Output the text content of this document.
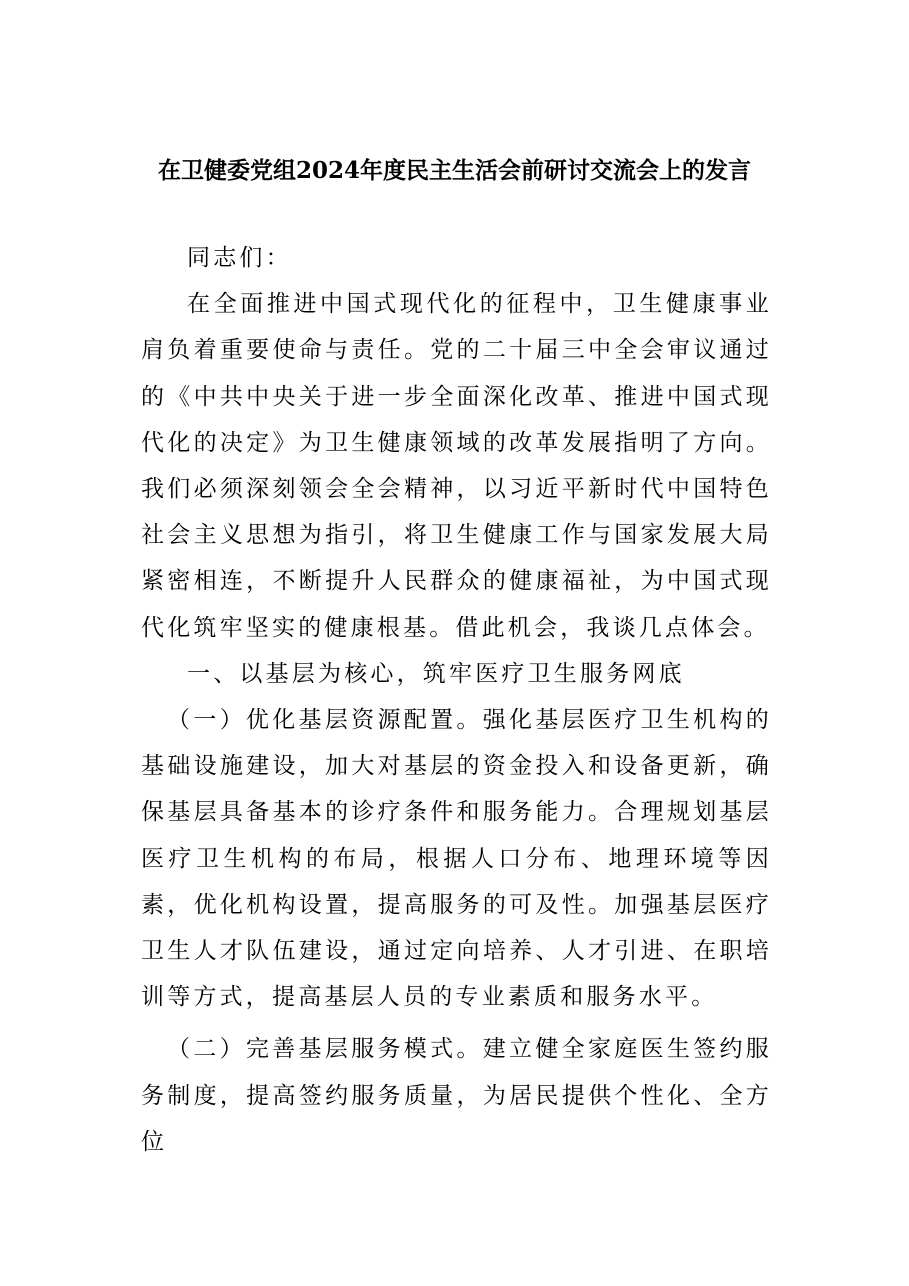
在卫健委党组2024年度民主生活会前研讨交流会上的发言

同志们：

在全面推进中国式现代化的征程中，卫生健康事业肩负着重要使命与责任。党的二十届三中全会审议通过的《中共中央关于进一步全面深化改革、推进中国式现代化的决定》为卫生健康领域的改革发展指明了方向。我们必须深刻领会全会精神，以习近平新时代中国特色社会主义思想为指引，将卫生健康工作与国家发展大局紧密相连，不断提升人民群众的健康福祉，为中国式现代化筑牢坚实的健康根基。借此机会，我谈几点体会。

一、以基层为核心，筑牢医疗卫生服务网底

（一）优化基层资源配置。强化基层医疗卫生机构的基础设施建设，加大对基层的资金投入和设备更新，确保基层具备基本的诊疗条件和服务能力。合理规划基层医疗卫生机构的布局，根据人口分布、地理环境等因素，优化机构设置，提高服务的可及性。加强基层医疗卫生人才队伍建设，通过定向培养、人才引进、在职培训等方式，提高基层人员的专业素质和服务水平。

（二）完善基层服务模式。建立健全家庭医生签约服务制度，提高签约服务质量，为居民提供个性化、全方位
